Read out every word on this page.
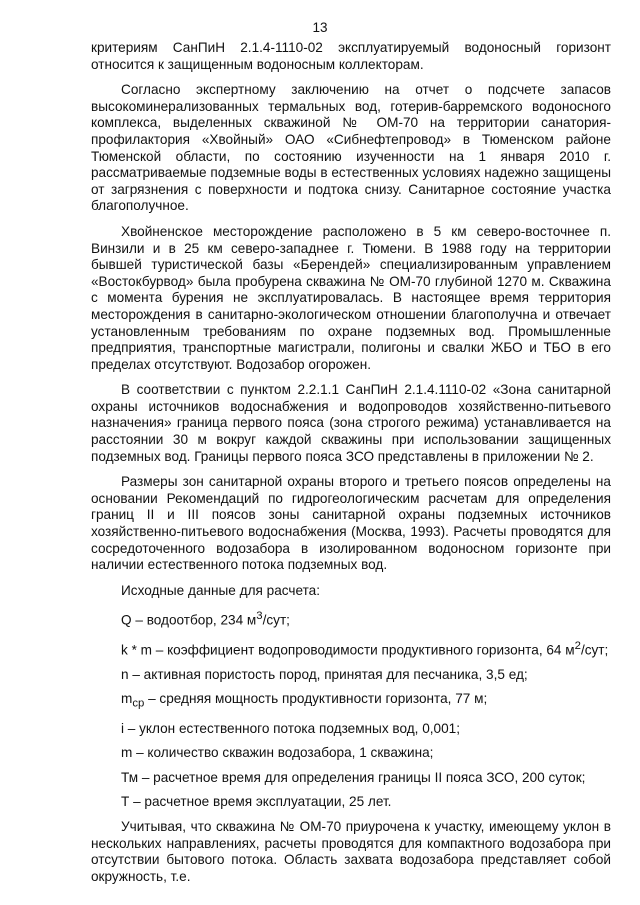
13

критериям СанПиН 2.1.4-1110-02 эксплуатируемый водоносный горизонт относится к защищенным водоносным коллекторам.

Согласно экспертному заключению на отчет о подсчете запасов высокоминерализованных термальных вод, готерив-барремского водоносного комплекса, выделенных скважиной № ОМ-70 на территории санатория-профилактория «Хвойный» ОАО «Сибнефтепровод» в Тюменском районе Тюменской области, по состоянию изученности на 1 января 2010 г. рассматриваемые подземные воды в естественных условиях надежно защищены от загрязнения с поверхности и подтока снизу. Санитарное состояние участка благополучное.

Хвойненское месторождение расположено в 5 км северо-восточнее п. Винзили и в 25 км северо-западнее г. Тюмени. В 1988 году на территории бывшей туристической базы «Берендей» специализированным управлением «Востокбурвод» была пробурена скважина № ОМ-70 глубиной 1270 м. Скважина с момента бурения не эксплуатировалась. В настоящее время территория месторождения в санитарно-экологическом отношении благополучна и отвечает установленным требованиям по охране подземных вод. Промышленные предприятия, транспортные магистрали, полигоны и свалки ЖБО и ТБО в его пределах отсутствуют. Водозабор огорожен.

В соответствии с пунктом 2.2.1.1 СанПиН 2.1.4.1110-02 «Зона санитарной охраны источников водоснабжения и водопроводов хозяйственно-питьевого назначения» граница первого пояса (зона строгого режима) устанавливается на расстоянии 30 м вокруг каждой скважины при использовании защищенных подземных вод. Границы первого пояса ЗСО представлены в приложении № 2.

Размеры зон санитарной охраны второго и третьего поясов определены на основании Рекомендаций по гидрогеологическим расчетам для определения границ II и III поясов зоны санитарной охраны подземных источников хозяйственно-питьевого водоснабжения (Москва, 1993). Расчеты проводятся для сосредоточенного водозабора в изолированном водоносном горизонте при наличии естественного потока подземных вод.

Исходные данные для расчета:

Q – водоотбор, 234 $м^3$/сут;

k * m – коэффициент водопроводимости продуктивного горизонта, 64 $м^2$/сут;

n – активная пористость пород, принятая для песчаника, 3,5 ед;

$m_{ср}$ – средняя мощность продуктивности горизонта, 77 м;

i – уклон естественного потока подземных вод, 0,001;

m – количество скважин водозабора, 1 скважина;

Тм – расчетное время для определения границы II пояса ЗСО, 200 суток;

Т – расчетное время эксплуатации, 25 лет.

Учитывая, что скважина № ОМ-70 приурочена к участку, имеющему уклон в нескольких направлениях, расчеты проводятся для компактного водозабора при отсутствии бытового потока. Область захвата водозабора представляет собой окружность, т.е.
